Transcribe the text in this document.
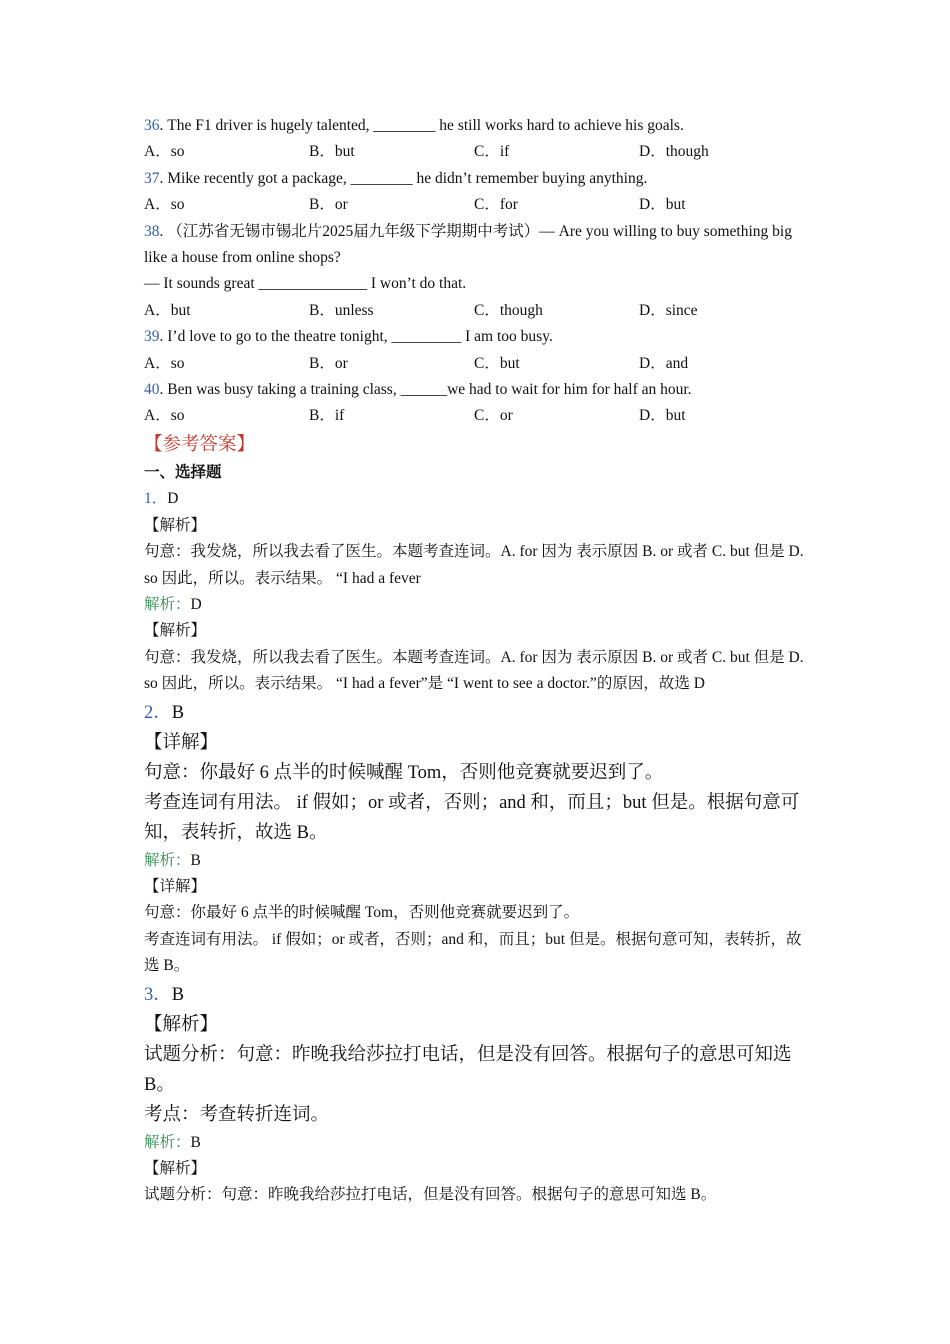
36. The F1 driver is hugely talented, ________ he still works hard to achieve his goals.
A．so	B．but	C．if	D．though
37. Mike recently got a package, ________ he didn’t remember buying anything.
A．so	B．or	C．for	D．but
38. （江苏省无锡市锡北片2025届九年级下学期期中考试）— Are you willing to buy something big like a house from online shops?
— It sounds great ______________ I won’t do that.
A．but	B．unless	C．though	D．since
39. I’d love to go to the theatre tonight, _________ I am too busy.
A．so	B．or	C．but	D．and
40. Ben was busy taking a training class, ______we had to wait for him for half an hour.
A．so	B．if	C．or	D．but
【参考答案】
一、选择题
1．D
【解析】
句意：我发烧，所以我去看了医生。本题考查连词。A. for 因为 表示原因 B. or 或者 C. but 但是 D. so 因此，所以。表示结果。 “I had a fever
解析：D
【解析】
句意：我发烧，所以我去看了医生。本题考查连词。A. for 因为 表示原因 B. or 或者 C. but 但是 D. so 因此，所以。表示结果。 “I had a fever”是 “I went to see a doctor.”的原因，故选 D
2．B
【详解】
句意：你最好 6 点半的时候喊醒 Tom，否则他竞赛就要迟到了。
考查连词有用法。 if 假如；or 或者，否则；and 和，而且；but 但是。根据句意可知，表转折，故选 B。
解析：B
【详解】
句意：你最好 6 点半的时候喊醒 Tom，否则他竞赛就要迟到了。
考查连词有用法。 if 假如；or 或者，否则；and 和，而且；but 但是。根据句意可知，表转折，故选 B。
3．B
【解析】
试题分析：句意：昨晚我给莎拉打电话，但是没有回答。根据句子的意思可知选 B。
考点：考查转折连词。
解析：B
【解析】
试题分析：句意：昨晚我给莎拉打电话，但是没有回答。根据句子的意思可知选 B。
